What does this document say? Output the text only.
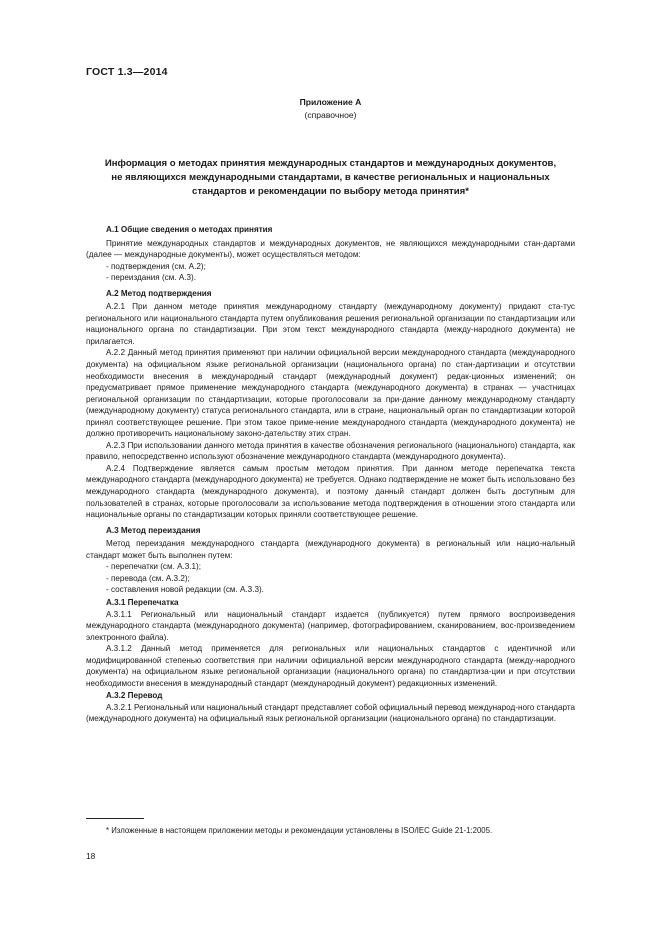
ГОСТ 1.3—2014
Приложение А
(справочное)
Информация о методах принятия международных стандартов и международных документов,
не являющихся международными стандартами, в качестве региональных и национальных
стандартов и рекомендации по выбору метода принятия*
А.1 Общие сведения о методах принятия

Принятие международных стандартов и международных документов, не являющихся международными стан-дартами (далее — международные документы), может осуществляться методом:

- подтверждения (см. А.2);

- переиздания (см. А.3).

А.2 Метод подтверждения

А.2.1 При данном методе принятия международному стандарту (международному документу) придают ста-тус регионального или национального стандарта путем опубликования решения региональной организации по стандартизации или национального органа по стандартизации. При этом текст международного стандарта (между-народного документа) не прилагается.

А.2.2 Данный метод принятия применяют при наличии официальной версии международного стандарта (международного документа) на официальном языке региональной организации (национального органа) по стан-дартизации и отсутствии необходимости внесения в международный стандарт (международный документ) редак-ционных изменений; он предусматривает прямое применение международного стандарта (международного документа) в странах — участницах региональной организации по стандартизации, которые проголосовали за при-дание данному международному стандарту (международному документу) статуса регионального стандарта, или в стране, национальный орган по стандартизации которой принял соответствующее решение. При этом такое приме-нение международного стандарта (международного документа) не должно противоречить национальному законо-дательству этих стран.

А.2.3 При использовании данного метода принятия в качестве обозначения регионального (национального) стандарта, как правило, непосредственно используют обозначение международного стандарта (международного документа).

А.2.4 Подтверждение является самым простым методом принятия. При данном методе перепечатка текста международного стандарта (международного документа) не требуется. Однако подтверждение не может быть использовано без международного стандарта (международного документа), и поэтому данный стандарт должен быть доступным для пользователей в странах, которые проголосовали за использование метода подтверждения в отношении этого стандарта или национальные органы по стандартизации которых приняли соответствующее решение.

А.3 Метод переиздания

Метод переиздания международного стандарта (международного документа) в региональный или нацио-нальный стандарт может быть выполнен путем:

- перепечатки (см. А.3.1);

- перевода (см. А.3.2);

- составления новой редакции (см. А.3.3).

А.3.1 Перепечатка

А.3.1.1 Региональный или национальный стандарт издается (публикуется) путем прямого воспроизведения международного стандарта (международного документа) (например, фотографированием, сканированием, вос-произведением электронного файла).

А.3.1.2 Данный метод применяется для региональных или национальных стандартов с идентичной или модифицированной степенью соответствия при наличии официальной версии международного стандарта (между-народного документа) на официальном языке региональной организации (национального органа) по стандартиза-ции и при отсутствии необходимости внесения в международный стандарт (международный документ) редакционных изменений.

А.3.2 Перевод

А.3.2.1 Региональный или национальный стандарт представляет собой официальный перевод международ-ного стандарта (международного документа) на официальный язык региональной организации (национального органа) по стандартизации.

* Изложенные в настоящем приложении методы и рекомендации установлены в ISO/IEC Guide 21-1:2005.
18
